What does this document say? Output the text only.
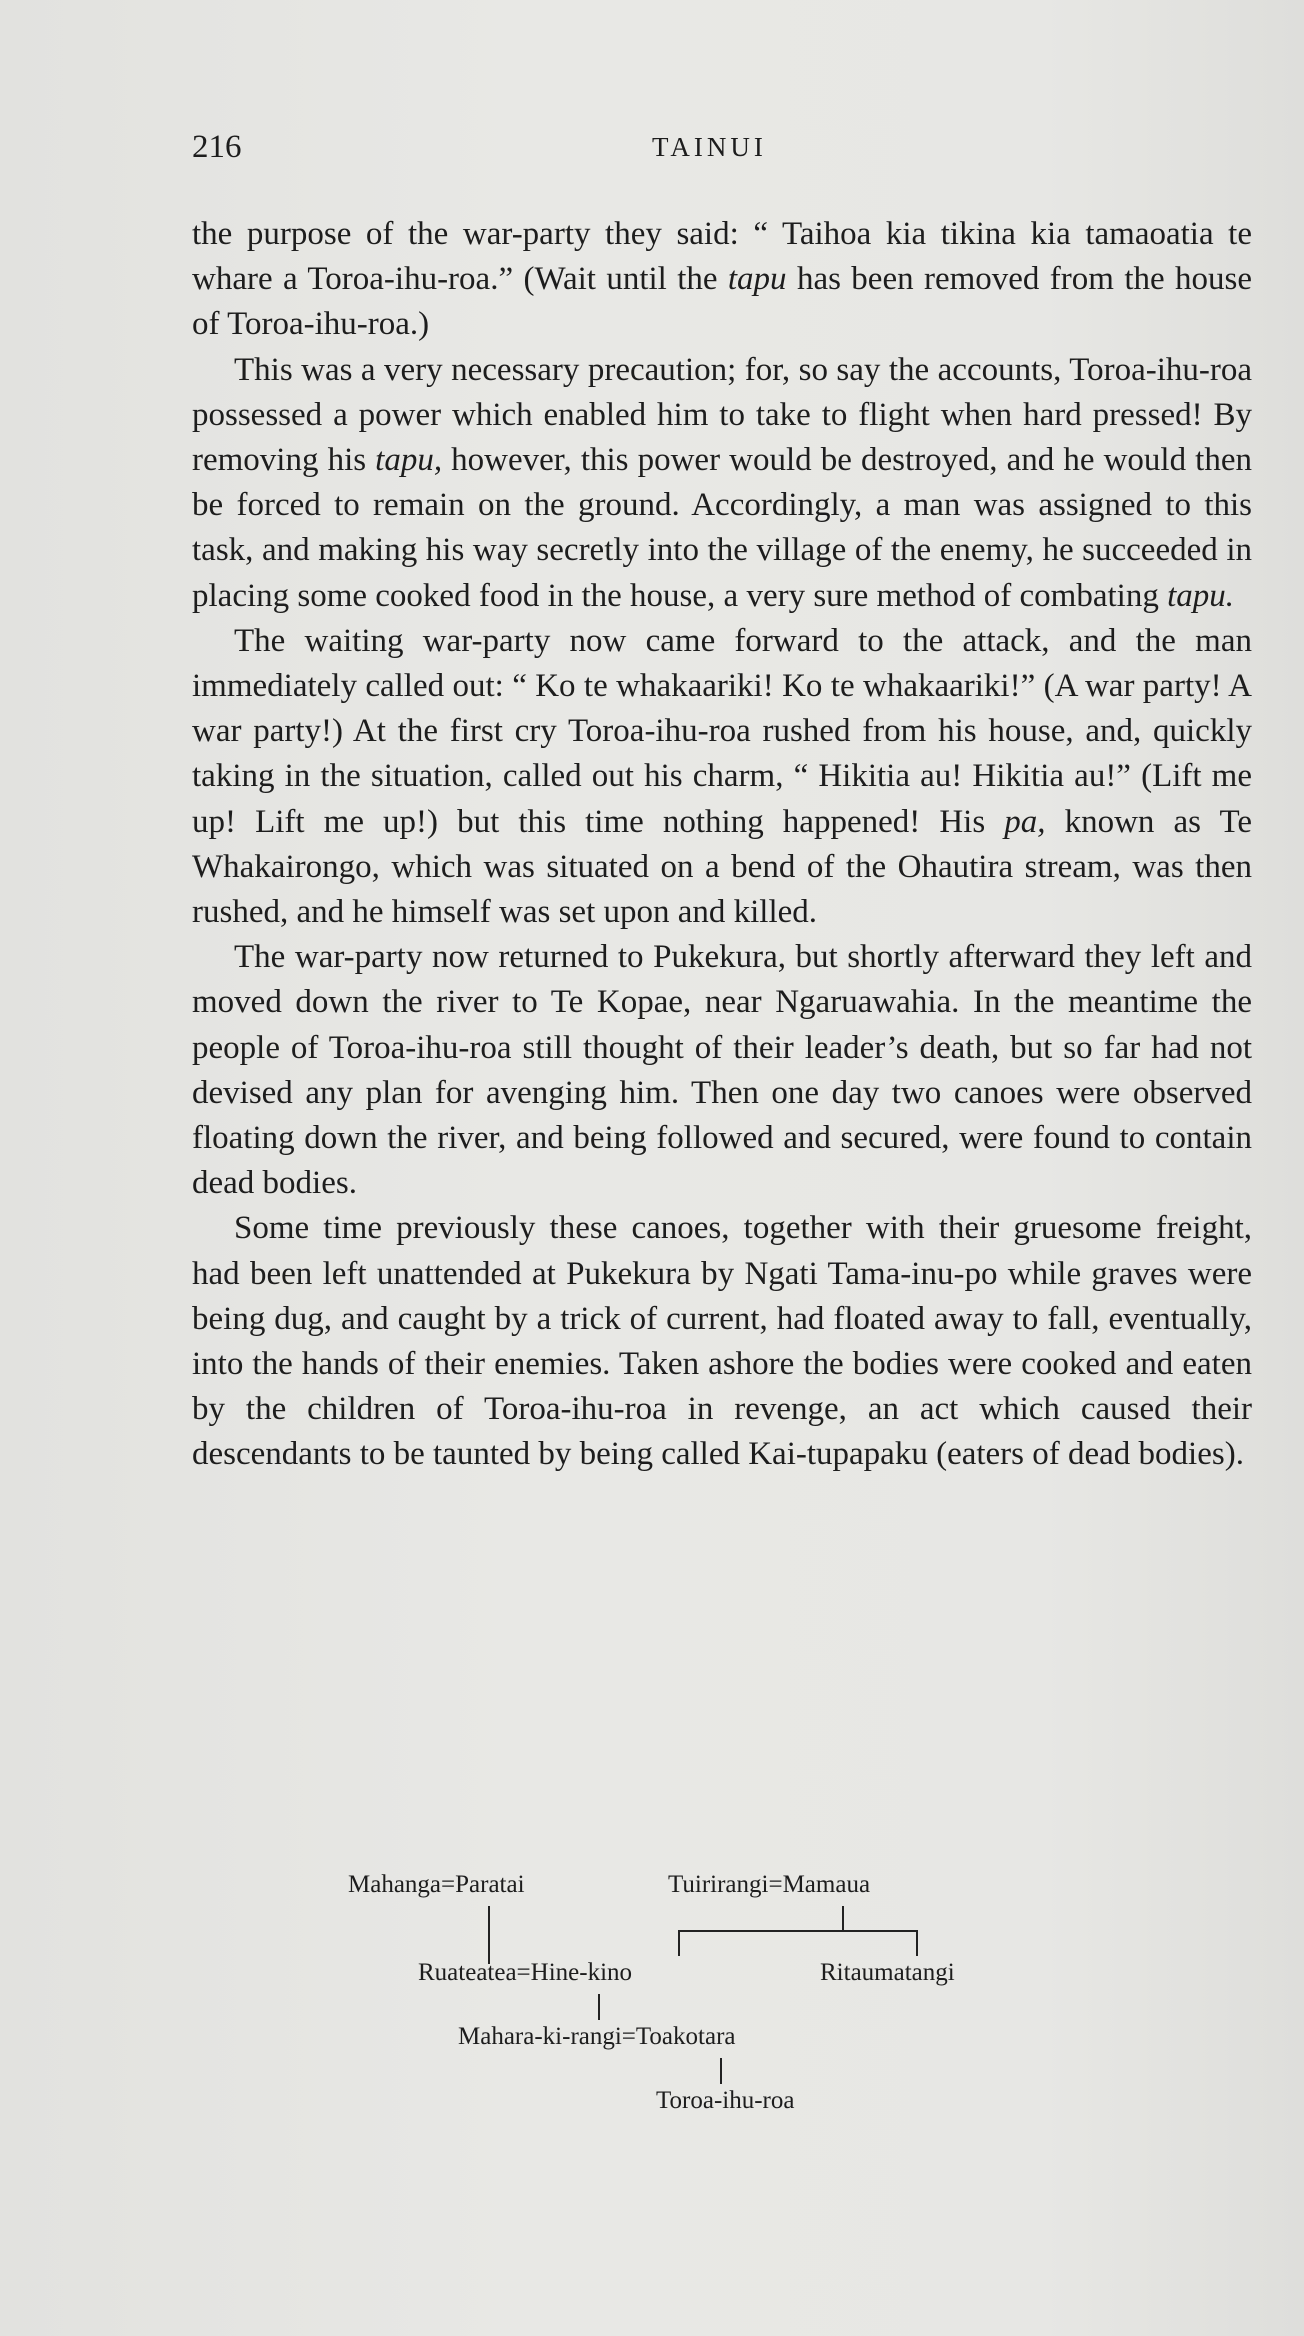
216	TAINUI

the purpose of the war-party they said: “ Taihoa kia tikina kia tamaoatia te whare a Toroa-ihu-roa.” (Wait until the tapu has been removed from the house of Toroa-ihu-roa.)

This was a very necessary precaution; for, so say the accounts, Toroa-ihu-roa possessed a power which enabled him to take to flight when hard pressed! By removing his tapu, however, this power would be destroyed, and he would then be forced to remain on the ground. Accordingly, a man was assigned to this task, and making his way secretly into the village of the enemy, he succeeded in placing some cooked food in the house, a very sure method of combating tapu.

The waiting war-party now came forward to the attack, and the man immediately called out: “ Ko te whakaariki! Ko te whakaariki!” (A war party! A war party!) At the first cry Toroa-ihu-roa rushed from his house, and, quickly taking in the situation, called out his charm, “ Hikitia au! Hikitia au!” (Lift me up! Lift me up!) but this time nothing happened! His pa, known as Te Whakairongo, which was situated on a bend of the Ohautira stream, was then rushed, and he himself was set upon and killed.

The war-party now returned to Pukekura, but shortly afterward they left and moved down the river to Te Kopae, near Ngaruawahia. In the meantime the people of Toroa-ihu-roa still thought of their leader’s death, but so far had not devised any plan for avenging him. Then one day two canoes were observed floating down the river, and being followed and secured, were found to contain dead bodies.

Some time previously these canoes, together with their gruesome freight, had been left unattended at Pukekura by Ngati Tama-inu-po while graves were being dug, and caught by a trick of current, had floated away to fall, eventually, into the hands of their enemies. Taken ashore the bodies were cooked and eaten by the children of Toroa-ihu-roa in revenge, an act which caused their descendants to be taunted by being called Kai-tupapaku (eaters of dead bodies).

Mahanga=Paratai	Tuirirangi=Mamaua
Ruateatea=Hine-kino	Ritaumatangi
Mahara-ki-rangi=Toakotara
Toroa-ihu-roa
